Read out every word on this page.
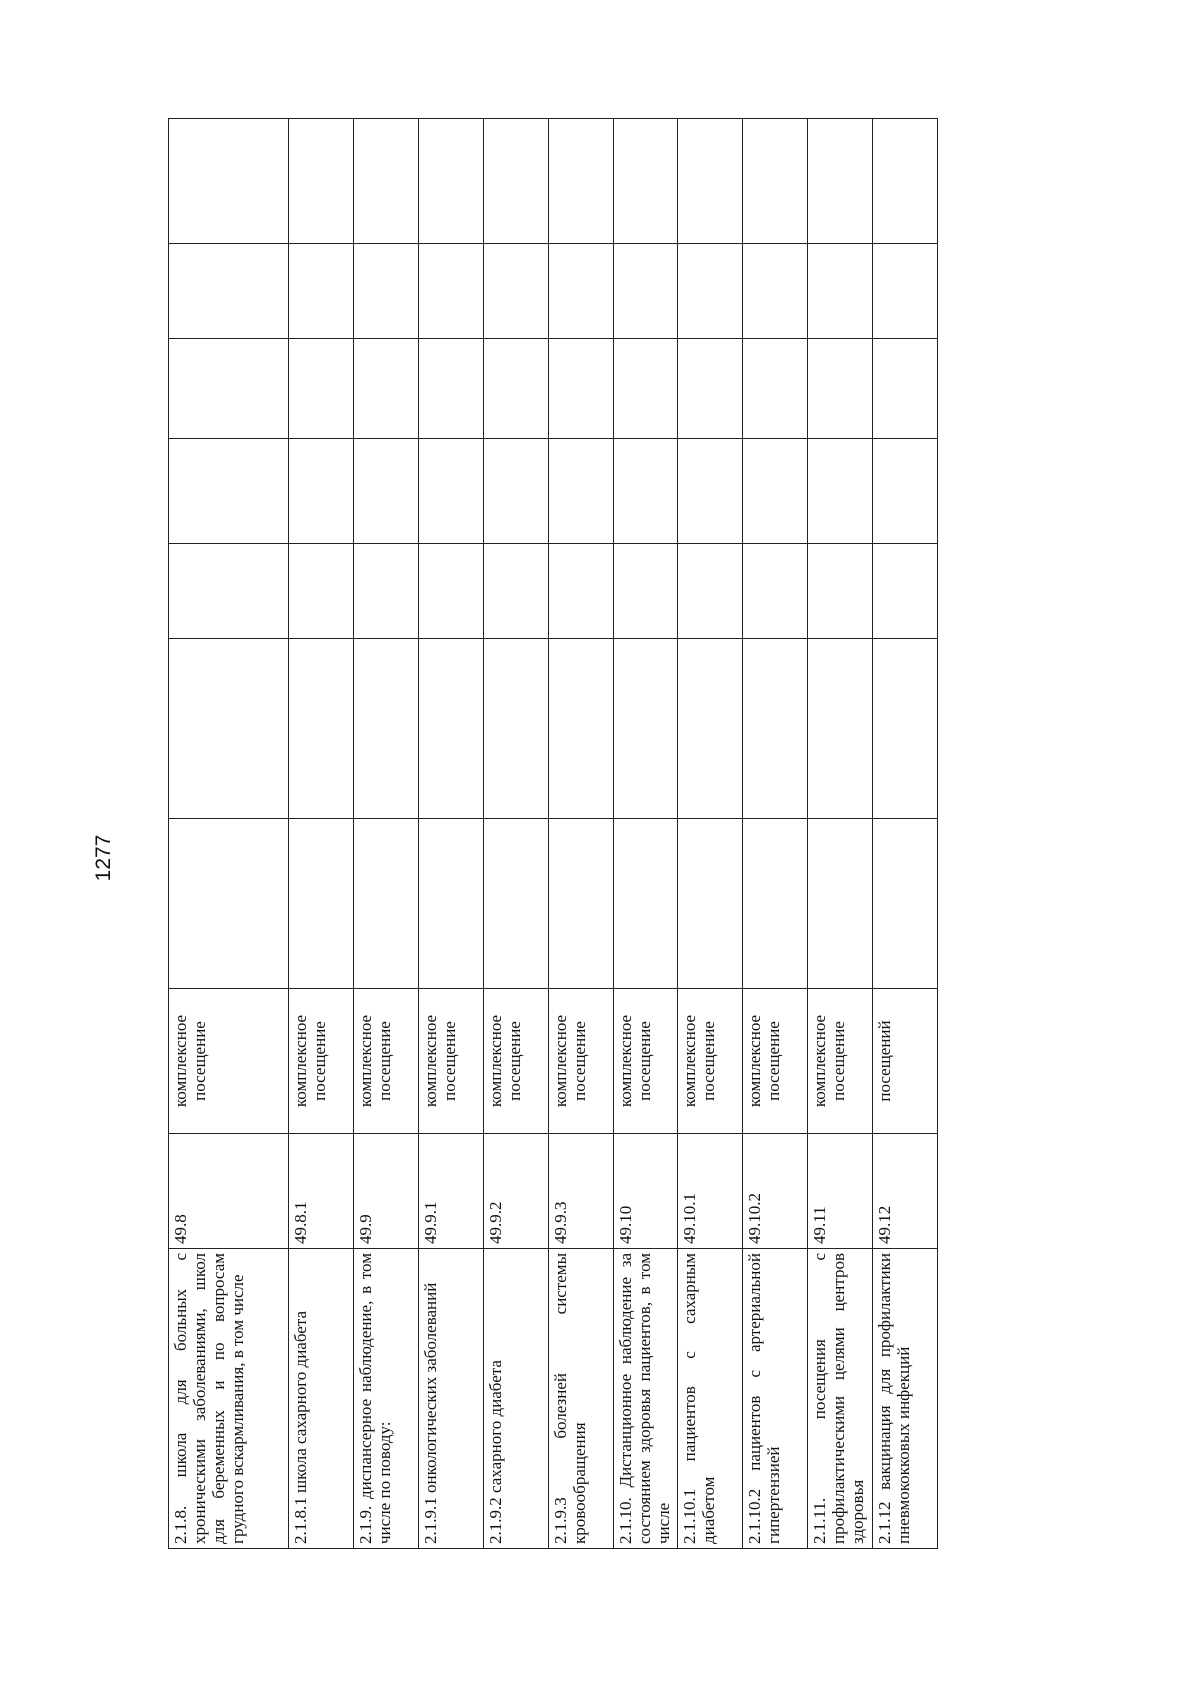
1277
2.1.8. школа для больных с хроническими заболеваниями, школ для беременных и по вопросам грудного вскармливания, в том числе	49.8	комплексное посещение							
2.1.8.1 школа сахарного диабета	49.8.1	комплексное посещение							
2.1.9. диспансерное наблюдение, в том числе по поводу:	49.9	комплексное посещение							
2.1.9.1 онкологических заболеваний	49.9.1	комплексное посещение							
2.1.9.2 сахарного диабета	49.9.2	комплексное посещение							
2.1.9.3 болезней системы кровообращения	49.9.3	комплексное посещение							
2.1.10. Дистанционное наблюдение за состоянием здоровья пациентов, в том числе	49.10	комплексное посещение							
2.1.10.1 пациентов с сахарным диабетом	49.10.1	комплексное посещение							
2.1.10.2 пациентов с артериальной гипертензией	49.10.2	комплексное посещение							
2.1.11. посещения с профилактическими целями центров здоровья	49.11	комплексное посещение							
2.1.12 вакцинация для профилактики пневмококковых инфекций	49.12	посещений							
